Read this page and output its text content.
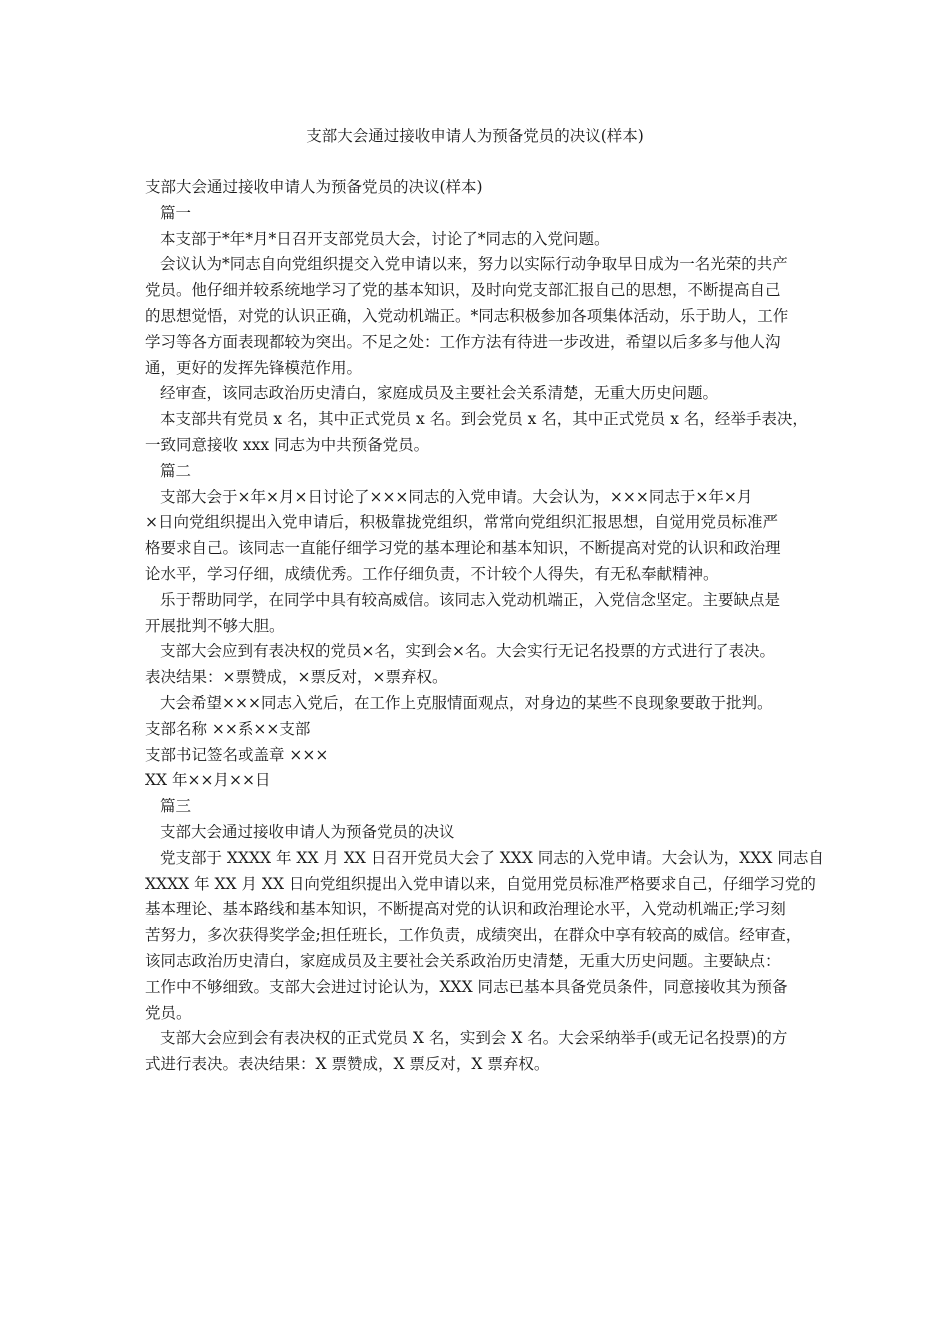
支部大会通过接收申请人为预备党员的决议(样本)
支部大会通过接收申请人为预备党员的决议(样本)
篇一
本支部于*年*月*日召开支部党员大会，讨论了*同志的入党问题。
会议认为*同志自向党组织提交入党申请以来，努力以实际行动争取早日成为一名光荣的共产
党员。他仔细并较系统地学习了党的基本知识，及时向党支部汇报自己的思想，不断提高自己
的思想觉悟，对党的认识正确，入党动机端正。*同志积极参加各项集体活动，乐于助人，工作
学习等各方面表现都较为突出。不足之处：工作方法有待进一步改进，希望以后多多与他人沟
通，更好的发挥先锋模范作用。
经审查，该同志政治历史清白，家庭成员及主要社会关系清楚，无重大历史问题。
本支部共有党员 x 名，其中正式党员 x 名。到会党员 x 名，其中正式党员 x 名，经举手表决，
一致同意接收 xxx 同志为中共预备党员。
篇二
支部大会于×年×月×日讨论了×××同志的入党申请。大会认为，×××同志于×年×月
×日向党组织提出入党申请后，积极靠拢党组织，常常向党组织汇报思想，自觉用党员标准严
格要求自己。该同志一直能仔细学习党的基本理论和基本知识，不断提高对党的认识和政治理
论水平，学习仔细，成绩优秀。工作仔细负责，不计较个人得失，有无私奉献精神。
乐于帮助同学，在同学中具有较高威信。该同志入党动机端正，入党信念坚定。主要缺点是
开展批判不够大胆。
支部大会应到有表决权的党员×名，实到会×名。大会实行无记名投票的方式进行了表决。
表决结果：×票赞成，×票反对，×票弃权。
大会希望×××同志入党后，在工作上克服情面观点，对身边的某些不良现象要敢于批判。
支部名称 ××系××支部
支部书记签名或盖章 ×××
XX 年××月××日
篇三
支部大会通过接收申请人为预备党员的决议
党支部于 XXXX 年 XX 月 XX 日召开党员大会了 XXX 同志的入党申请。大会认为，XXX 同志自
XXXX 年 XX 月 XX 日向党组织提出入党申请以来，自觉用党员标准严格要求自己，仔细学习党的
基本理论、基本路线和基本知识，不断提高对党的认识和政治理论水平，入党动机端正;学习刻
苦努力，多次获得奖学金;担任班长，工作负责，成绩突出，在群众中享有较高的威信。经审查，
该同志政治历史清白，家庭成员及主要社会关系政治历史清楚，无重大历史问题。主要缺点：
工作中不够细致。支部大会进过讨论认为，XXX 同志已基本具备党员条件，同意接收其为预备
党员。
支部大会应到会有表决权的正式党员 X 名，实到会 X 名。大会采纳举手(或无记名投票)的方
式进行表决。表决结果：X 票赞成，X 票反对，X 票弃权。
